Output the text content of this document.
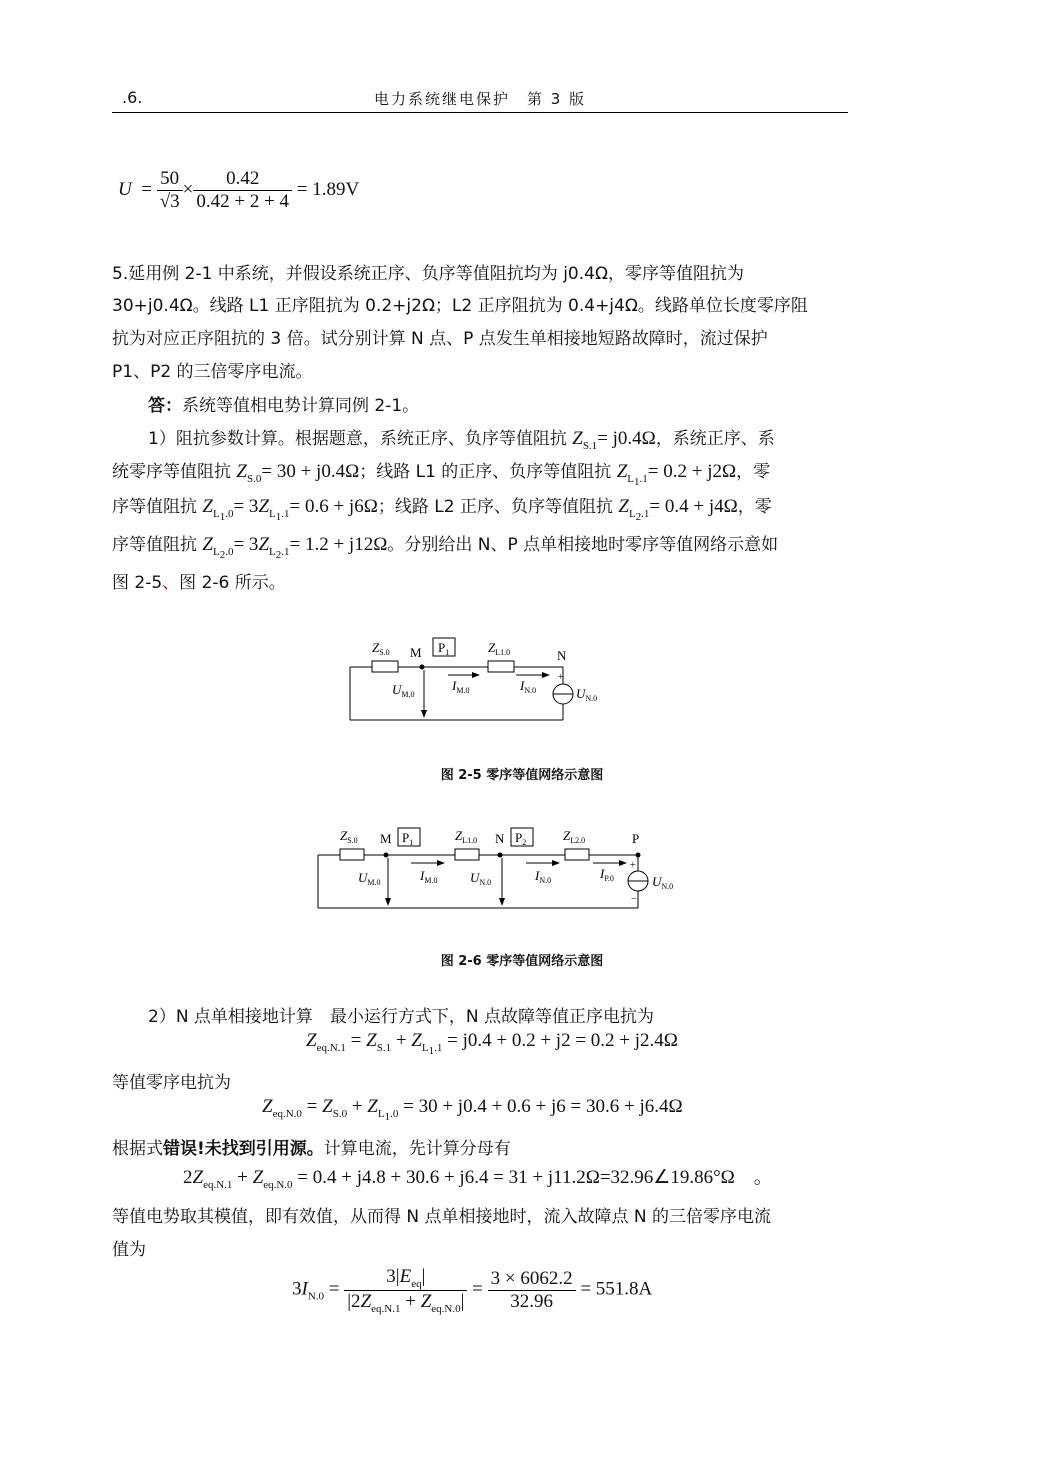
.6.	电力系统继电保护　第 3 版
$U = \frac{50}{√3} \times \frac{0.42}{0.42 + 2 + 4} = 1.89V$
5.延用例 2-1 中系统，并假设系统正序、负序等值阻抗均为 j0.4Ω，零序等值阻抗为
30+j0.4Ω。线路 L1 正序阻抗为 0.2+j2Ω；L2 正序阻抗为 0.4+j4Ω。线路单位长度零序阻
抗为对应正序阻抗的 3 倍。试分别计算 N 点、P 点发生单相接地短路故障时，流过保护
P1、P2 的三倍零序电流。
答：系统等值相电势计算同例 2-1。
1）阻抗参数计算。根据题意，系统正序、负序等值阻抗 $Z_{S.1}= j0.4\Omega$，系统正序、系
统零序等值阻抗 $Z_{S.0}= 30 + j0.4\Omega$；线路 L1 的正序、负序等值阻抗 $Z_{L_1.1}= 0.2 + j2\Omega$，零
序等值阻抗 $Z_{L_1.0}= 3Z_{L_1.1}= 0.6 + j6\Omega$；线路 L2 正序、负序等值阻抗 $Z_{L_2.1}= 0.4 + j4\Omega$，零
序等值阻抗 $Z_{L_2.0}= 3Z_{L_2.1}= 1.2 + j12\Omega$。分别给出 N、P 点单相接地时零序等值网络示意如
图 2-5、图 2-6 所示。
$Z_{S.0}$ M $P_1$	$Z_{L1.0}$	N
+
$U_{M.0}$
$I_{M.0}$	$I_{N.0}$	$U_{N.0}$
图 2-5 零序等值网络示意图
$Z_{S.0}$ M $P_1$	$Z_{L1.0}$ N $P_2$	$Z_{L2.0}$	P
+
−
$U_{M.0}$	$I_{M.0}$	$U_{N.0}$	$I_{N.0}$	$I_{P.0}$	$U_{N.0}$
图 2-6 零序等值网络示意图
2）N 点单相接地计算　最小运行方式下，N 点故障等值正序电抗为
$Z_{eq.N.1} = Z_{S.1} + Z_{L_1.1} = j0.4 + 0.2 + j2 = 0.2 + j2.4\Omega$
等值零序电抗为
$Z_{eq.N.0} = Z_{S.0} + Z_{L_1.0} = 30 + j0.4 + 0.6 + j6 = 30.6 + j6.4\Omega$
根据式错误!未找到引用源。计算电流，先计算分母有
$2Z_{eq.N.1} + Z_{eq.N.0} = 0.4 + j4.8 + 30.6 + j6.4 = 31$ + j11.2Ω=32.96∠19.86°Ω　。
等值电势取其模值，即有效值，从而得 N 点单相接地时，流入故障点 N 的三倍零序电流
值为
$3I_{N.0} = \frac{3|E_{eq}|}{|2Z_{eq.N.1} + Z_{eq.N.0}|} = \frac{3 \times 6062.2}{32.96} = 551.8A$
